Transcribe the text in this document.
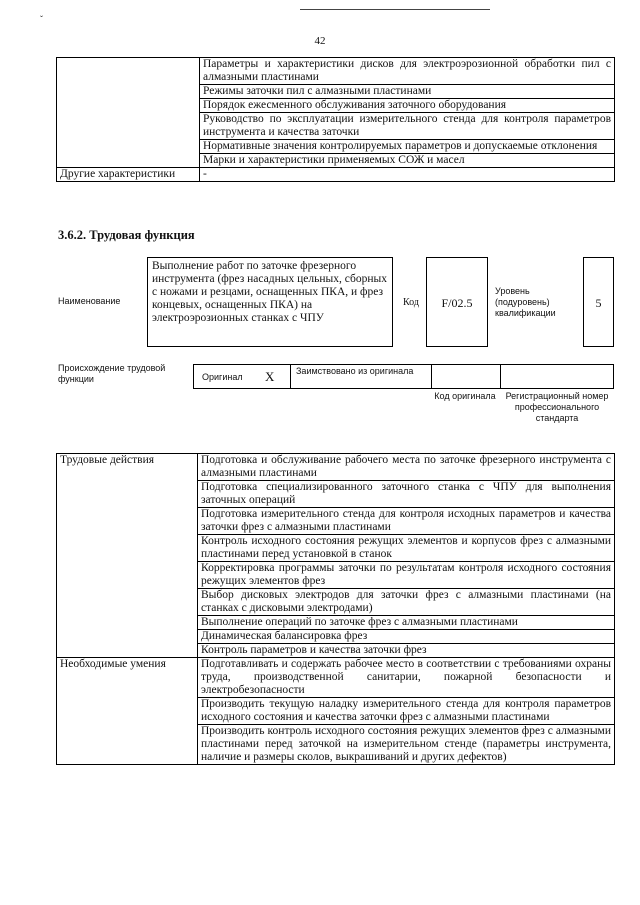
ˇ
42
	Параметры и характеристики дисков для электроэрозионной обработки пил с алмазными пластинами
	Режимы заточки пил с алмазными пластинами
	Порядок ежесменного обслуживания заточного оборудования
	Руководство по эксплуатации измерительного стенда для контроля параметров инструмента и качества заточки
	Нормативные значения контролируемых параметров и допускаемые отклонения
	Марки и характеристики применяемых СОЖ и масел
Другие характеристики	-
3.6.2. Трудовая функция
Наименование
Выполнение работ по заточке фрезерного инструмента (фрез насадных цельных, сборных с ножами и резцами, оснащенных ПКА, и фрез концевых, оснащенных ПКА) на электроэрозионных станках с ЧПУ
Код	F/02.5
Уровень (подуровень) квалификации
5
Происхождение трудовой функции	Оригинал X Заимствовано из оригинала
Код оригинала Регистрационный номер профессионального стандарта
Трудовые действия	Подготовка и обслуживание рабочего места по заточке фрезерного инструмента с алмазными пластинами
	Подготовка специализированного заточного станка с ЧПУ для выполнения заточных операций
	Подготовка измерительного стенда для контроля исходных параметров и качества заточки фрез с алмазными пластинами
	Контроль исходного состояния режущих элементов и корпусов фрез с алмазными пластинами перед установкой в станок
	Корректировка программы заточки по результатам контроля исходного состояния режущих элементов фрез
	Выбор дисковых электродов для заточки фрез с алмазными пластинами (на станках с дисковыми электродами)
	Выполнение операций по заточке фрез с алмазными пластинами
	Динамическая балансировка фрез
	Контроль параметров и качества заточки фрез
Необходимые умения	Подготавливать и содержать рабочее место в соответствии с требованиями охраны труда, производственной санитарии, пожарной безопасности и электробезопасности
	Производить текущую наладку измерительного стенда для контроля параметров исходного состояния и качества заточки фрез с алмазными пластинами
	Производить контроль исходного состояния режущих элементов фрез с алмазными пластинами перед заточкой на измерительном стенде (параметры инструмента, наличие и размеры сколов, выкрашиваний и других дефектов)
